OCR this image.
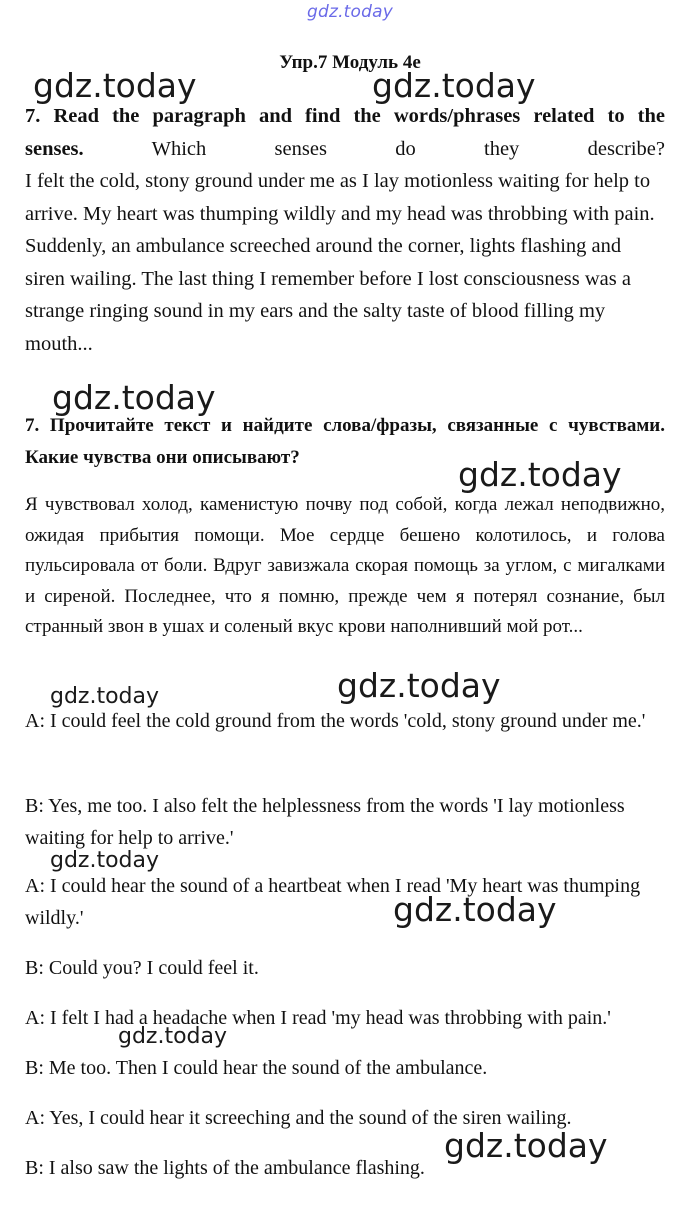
gdz.today
Упр.7 Модуль 4е
7. Read the paragraph and find the words/phrases related to the
senses.	Which senses do they describe?
I felt the cold, stony ground under me as I lay motionless waiting for help to arrive. My heart was thumping wildly and my head was throbbing with pain. Suddenly, an ambulance screeched around the corner, lights flashing and siren wailing. The last thing I remember before I lost consciousness was a strange ringing sound in my ears and the salty taste of blood filling my mouth...
7. Прочитайте текст и найдите слова/фразы, связанные с чувствами. Какие чувства они описывают?
Я чувствовал холод, каменистую почву под собой, когда лежал неподвижно, ожидая прибытия помощи. Мое сердце бешено колотилось, и голова пульсировала от боли. Вдруг завизжала скорая помощь за углом, с мигалками и сиреной. Последнее, что я помню, прежде чем я потерял сознание, был странный звон в ушах и соленый вкус крови наполнивший мой рот...

A: I could feel the cold ground from the words 'cold, stony ground under me.'

B: Yes, me too. I also felt the helplessness from the words 'I lay motionless waiting for help to arrive.'

A: I could hear the sound of a heartbeat when I read 'My heart was thumping wildly.'

B: Could you? I could feel it.

A: I felt I had a headache when I read 'my head was throbbing with pain.'

B: Me too. Then I could hear the sound of the ambulance.

A: Yes, I could hear it screeching and the sound of the siren wailing.

B: I also saw the lights of the ambulance flashing.

gdz.today	gdz.today
gdz.today
gdz.today
gdz.today
gdz.today
gdz.today
gdz.today
gdz.today
gdz.today
